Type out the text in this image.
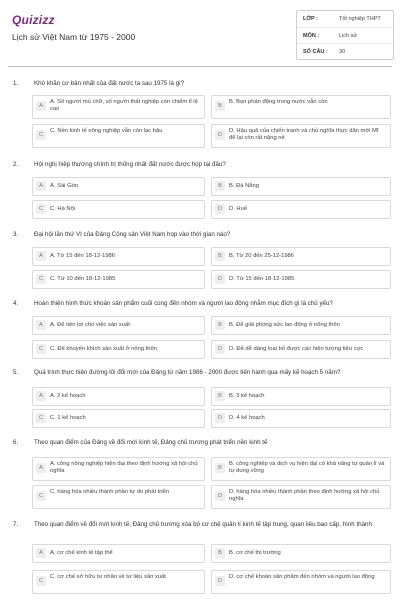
Quizizz
Lịch sử Việt Nam từ 1975 - 2000
LỚP :	Tốt nghiệp THPT
MÔN :	Lịch sử
SỐ CÂU : 30
1.	Khó khăn cơ bản nhất của đất nước ta sau 1975 là gì?
A
A. Số người mù chữ, số người thất nghiệp còn chiếm tỉ lệ cao
B
B. Bọn phản động trong nước vẫn còn
C
C. Nền kinh tế nông nghiệp vẫn còn lạc hậu
D
D. Hậu quả của chiến tranh và chủ nghĩa thực dân mới Mĩ để lại còn rất nặng nề
2.	Hội nghị hiệp thương chính trị thống nhất đất nước được họp tại đâu?
A	A. Sài Gòn	B	B. Đà Nẵng
C	C. Hà Nội	D	D. Huế
3.	Đại hội lần thứ VI của Đảng Cộng sản Việt Nam họp vào thời gian nào?
A	A. Từ 15 đến 18-12-1986	B	B. Từ 20 đến 25-12-1986
C	C. Từ 10 đến 18-12-1985	D	D. Từ 15 đến 18-12-1985
4.	Hoàn thiện hình thức khoán sản phẩm cuối cùng đến nhóm và người lao động nhằm mục đích gì là chủ yếu?
A	A. Để tiện lợi cho việc sản xuất	B	B. Để giải phóng sức lao động ở nông thôn
C	C. Để khuyến khích sản xuất ở nông thôn	D	D. Để dễ dàng loại bỏ được các hiện tượng tiêu cực
5.	Quá trình thực hiện đường lối đổi mới của Đảng từ năm 1986 - 2000 được tiến hành qua mấy kế hoạch 5 năm?
A	A. 2 kế hoạch	B	B. 3 kế hoạch
C	C. 1 kế hoạch	D	D. 4 kế hoạch
6.	Theo quan điểm của Đảng về đổi mới kinh tế, Đảng chủ trương phát triển nền kinh tế
A
A. công nông nghiệp hiện đại theo định hướng xã hội chủ nghĩa
B
B. công nghiệp và dịch vụ hiện đại có khả năng tự quản lí và tự dung vững
C
C. hàng hóa nhiều thành phần tự do phát triển
D
D. hàng hóa nhiều thành phần theo định hướng xã hội chủ nghĩa
7.	Theo quan điểm về đổi mới kinh tế, Đảng chủ trương xóa bỏ cơ chế quản lí kinh tế tập trung, quan liêu bao cấp, hình thành
A	A. cơ chế kinh tế tập thể	B	B. cơ chế thị trường
C
C. cơ chế sở hữu tư nhân về tư liệu sản xuất
D
D. cơ chế khoán sản phẩm đến nhóm và người lao động
